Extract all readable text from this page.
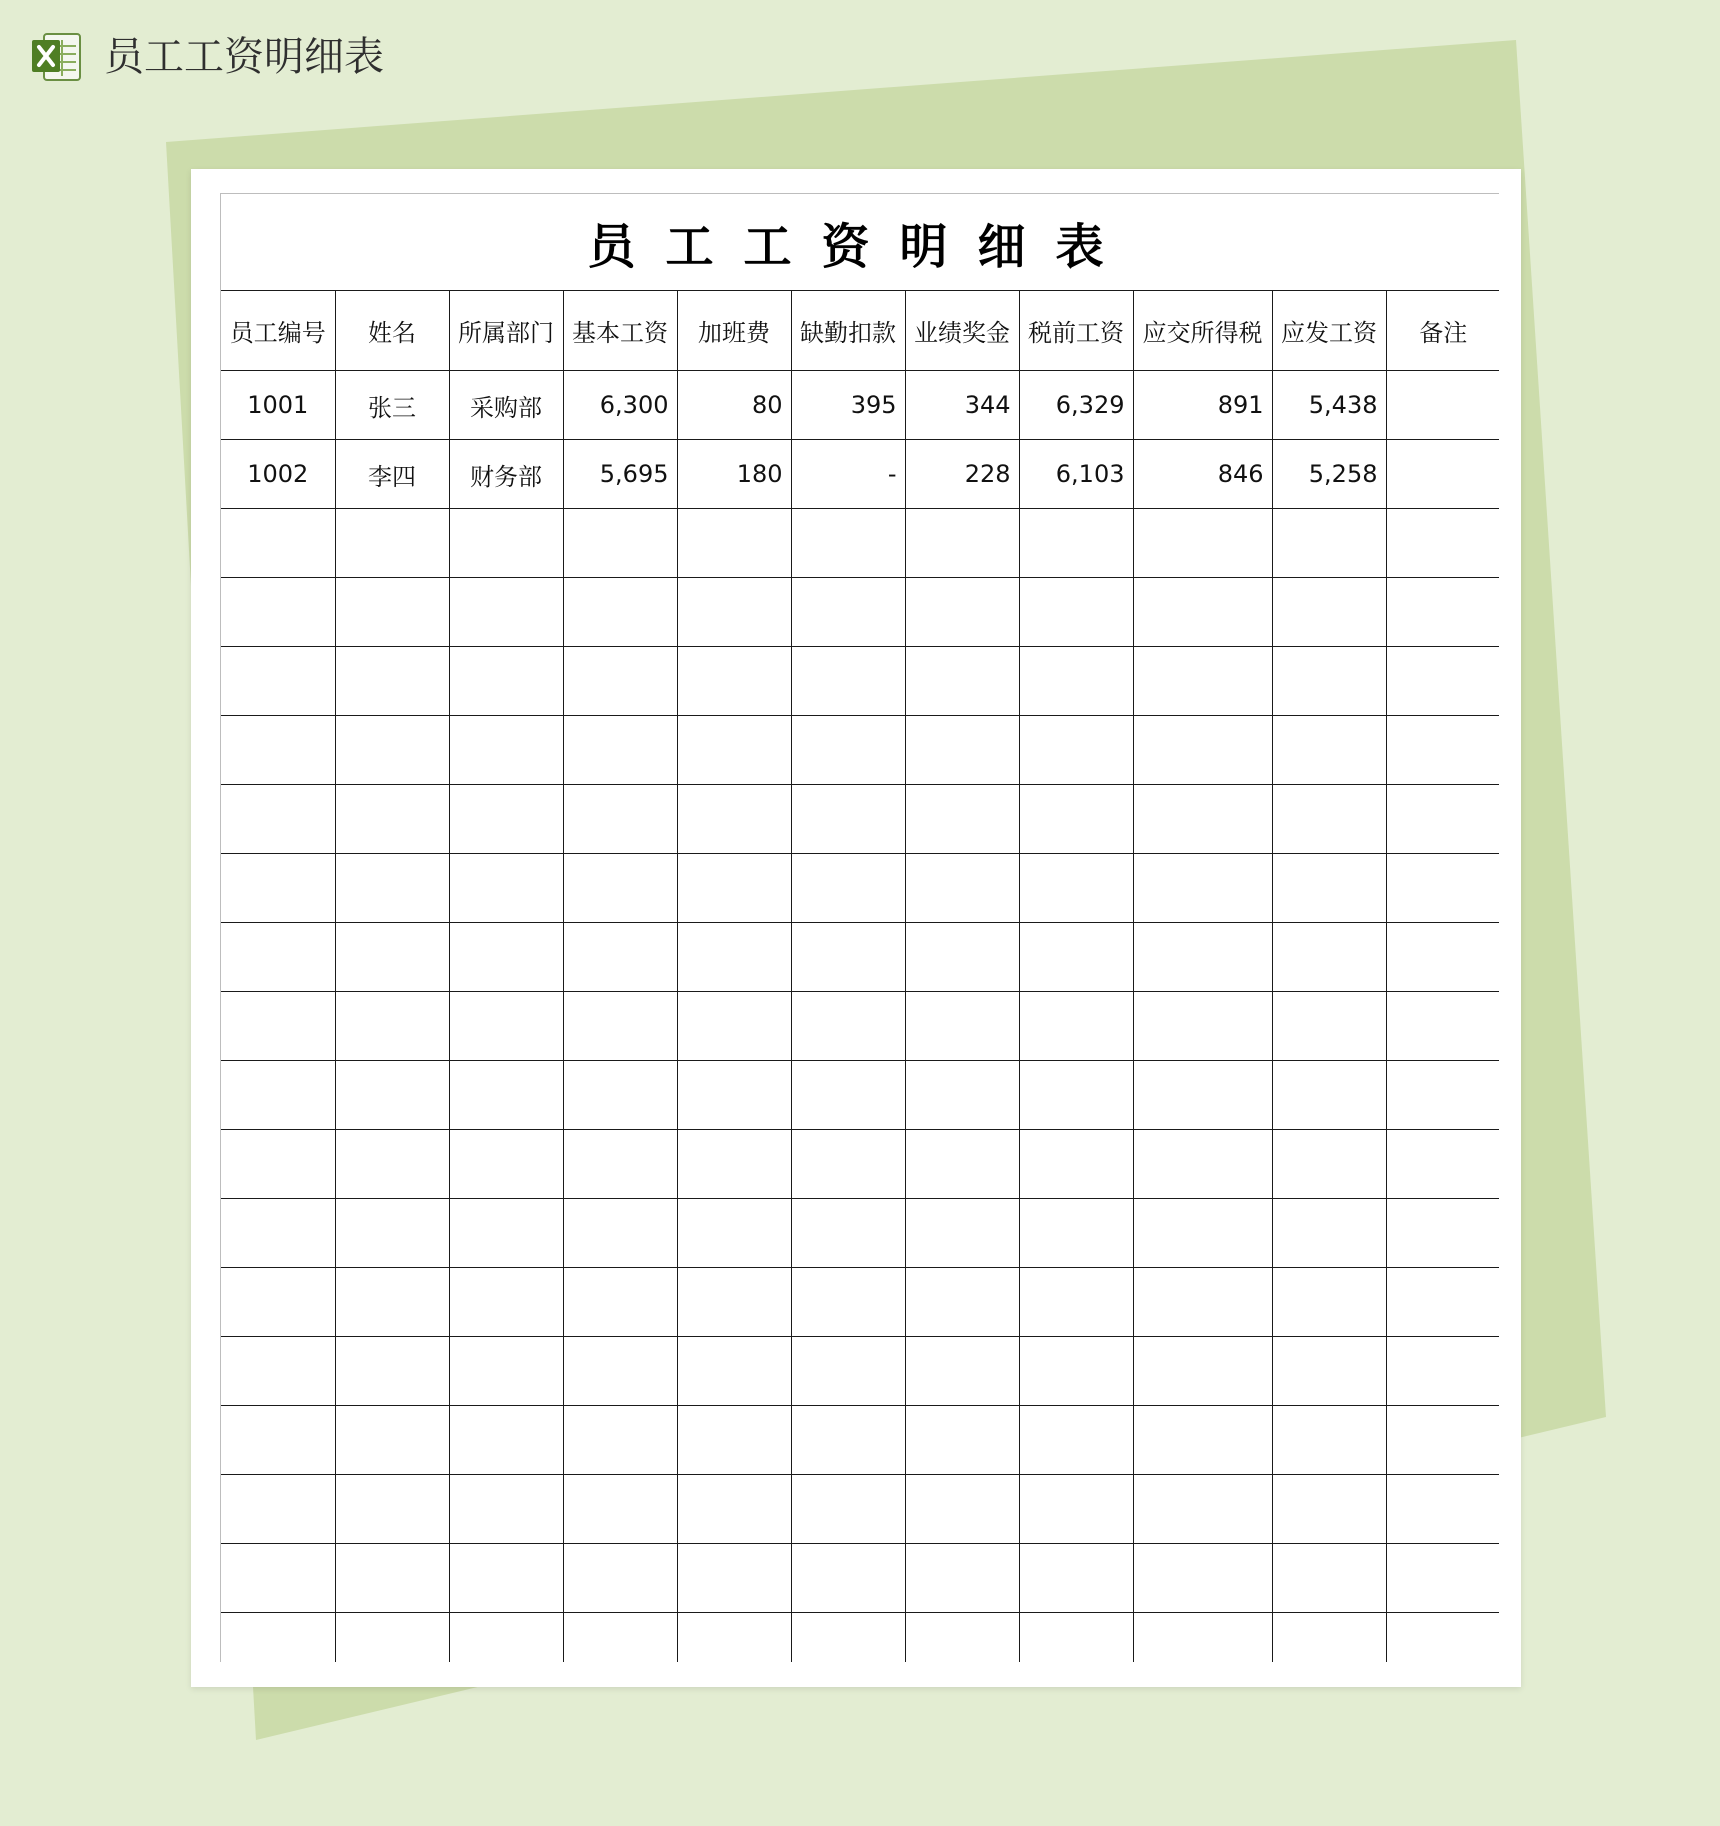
员工工资明细表
员工工资明细表
员工编号	姓名	所属部门	基本工资	加班费	缺勤扣款	业绩奖金	税前工资	应交所得税	应发工资	备注
1001	张三	采购部	6,300	80	395	344	6,329	891	5,438	
1002	李四	财务部	5,695	180	-	228	6,103	846	5,258	
